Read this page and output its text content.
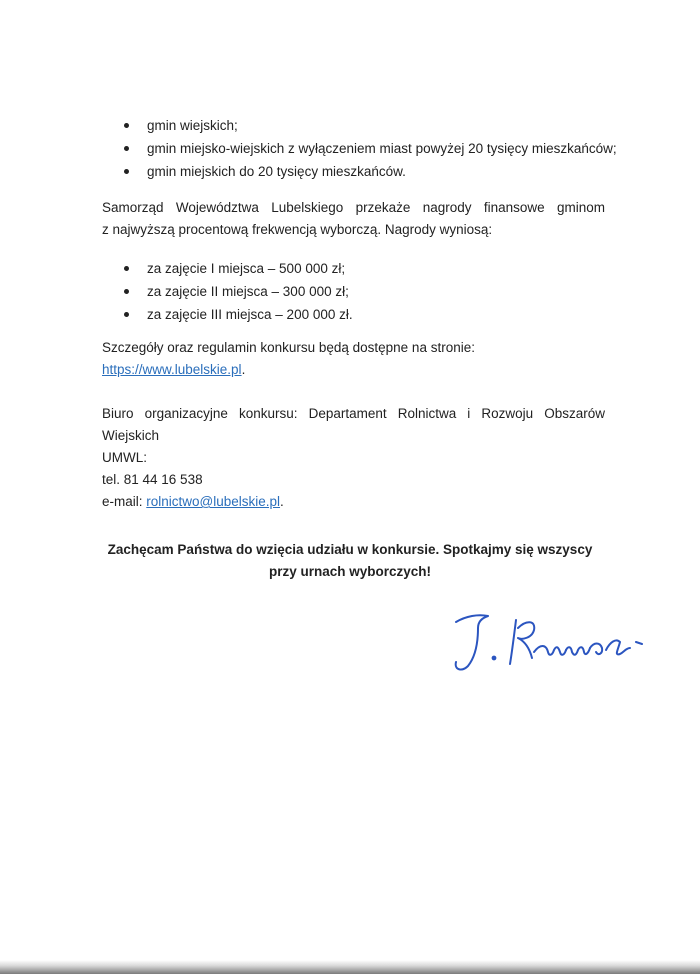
gmin wiejskich;
gmin miejsko-wiejskich z wyłączeniem miast powyżej 20 tysięcy mieszkańców;
gmin miejskich do 20 tysięcy mieszkańców.
Samorząd Województwa Lubelskiego przekaże nagrody finansowe gminom
z najwyższą procentową frekwencją wyborczą. Nagrody wyniosą:
za zajęcie I miejsca – 500 000 zł;
za zajęcie II miejsca – 300 000 zł;
za zajęcie III miejsca – 200 000 zł.
Szczegóły oraz regulamin konkursu będą dostępne na stronie:
https://www.lubelskie.pl.
Biuro organizacyjne konkursu: Departament Rolnictwa i Rozwoju Obszarów Wiejskich
UMWL:
tel. 81 44 16 538
e-mail: rolnictwo@lubelskie.pl.
Zachęcam Państwa do wzięcia udziału w konkursie. Spotkajmy się wszyscy
przy urnach wyborczych!
